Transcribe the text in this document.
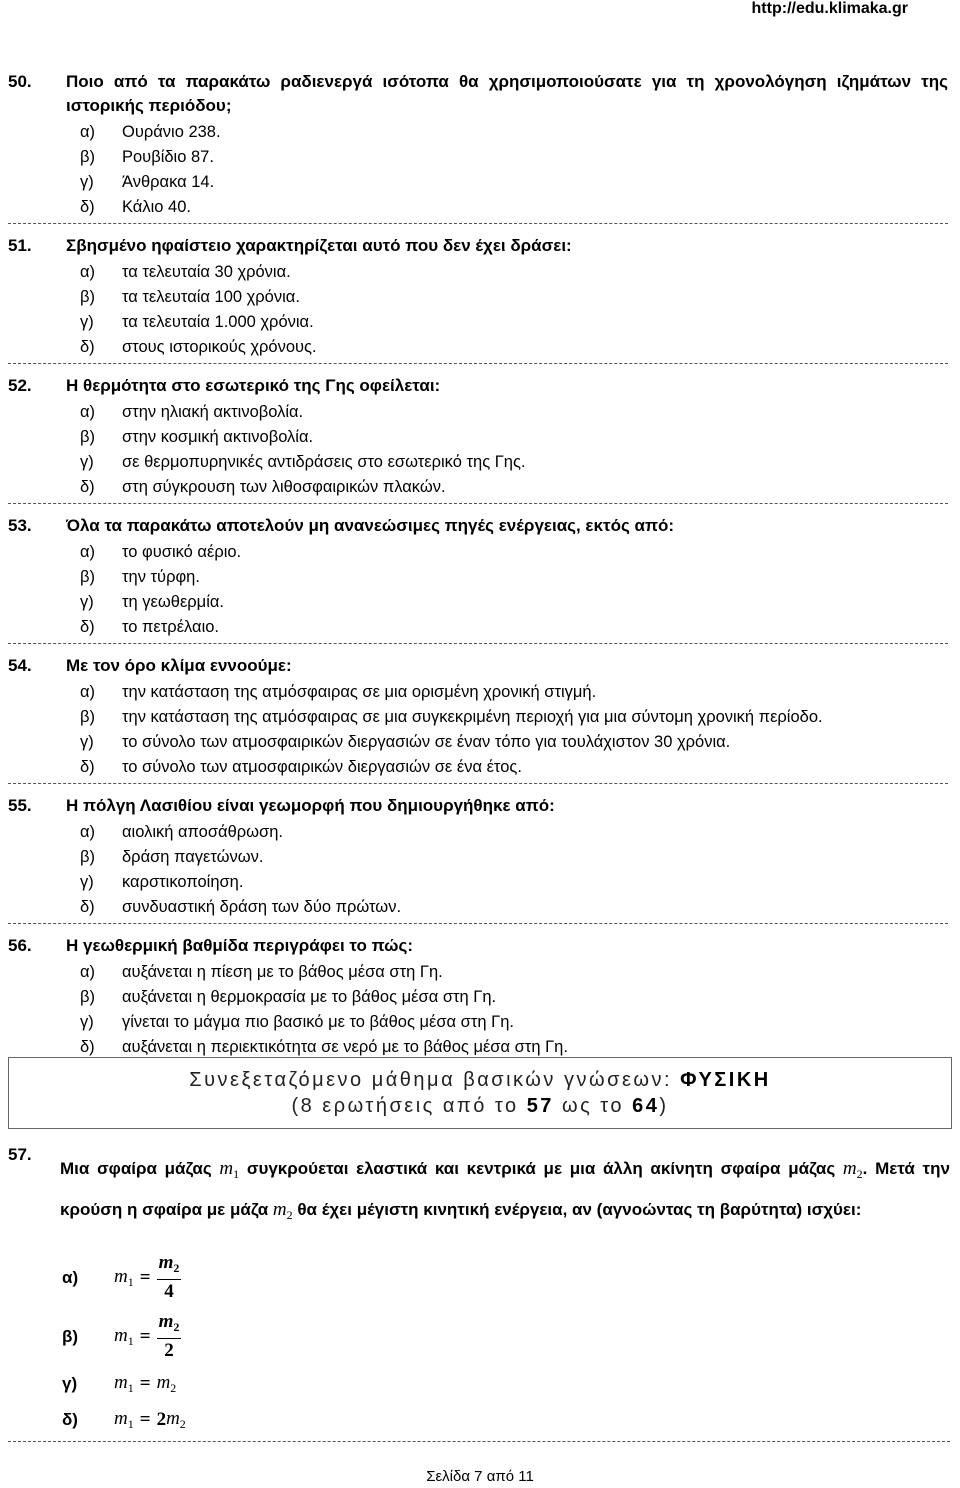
http://edu.klimaka.gr
50.	Ποιο από τα παρακάτω ραδιενεργά ισότοπα θα χρησιμοποιούσατε για τη χρονολόγηση ιζημάτων της ιστορικής περιόδου;
α)	Ουράνιο 238.
β)	Ρουβίδιο 87.
γ)	Άνθρακα 14.
δ)	Κάλιο 40.
51.	Σβησμένο ηφαίστειο χαρακτηρίζεται αυτό που δεν έχει δράσει:
α)	τα τελευταία 30 χρόνια.
β)	τα τελευταία 100 χρόνια.
γ)	τα τελευταία 1.000 χρόνια.
δ)	στους ιστορικούς χρόνους.
52.	Η θερμότητα στο εσωτερικό της Γης οφείλεται:
α)	στην ηλιακή ακτινοβολία.
β)	στην κοσμική ακτινοβολία.
γ)	σε θερμοπυρηνικές αντιδράσεις στο εσωτερικό της Γης.
δ)	στη σύγκρουση των λιθοσφαιρικών πλακών.
53.	Όλα τα παρακάτω αποτελούν μη ανανεώσιμες πηγές ενέργειας, εκτός από:
α)	το φυσικό αέριο.
β)	την τύρφη.
γ)	τη γεωθερμία.
δ)	το πετρέλαιο.
54.	Με τον όρο κλίμα εννοούμε:
α)	την κατάσταση της ατμόσφαιρας σε μια ορισμένη χρονική στιγμή.
β)	την κατάσταση της ατμόσφαιρας σε μια συγκεκριμένη περιοχή για μια σύντομη χρονική περίοδο.
γ)	το σύνολο των ατμοσφαιρικών διεργασιών σε έναν τόπο για τουλάχιστον 30 χρόνια.
δ)	το σύνολο των ατμοσφαιρικών διεργασιών σε ένα έτος.
55.	Η πόλγη Λασιθίου είναι γεωμορφή που δημιουργήθηκε από:
α)	αιολική αποσάθρωση.
β)	δράση παγετώνων.
γ)	καρστικοποίηση.
δ)	συνδυαστική δράση των δύο πρώτων.
56.	Η γεωθερμική βαθμίδα περιγράφει το πώς:
α)	αυξάνεται η πίεση με το βάθος μέσα στη Γη.
β)	αυξάνεται η θερμοκρασία με το βάθος μέσα στη Γη.
γ)	γίνεται το μάγμα πιο βασικό με το βάθος μέσα στη Γη.
δ)	αυξάνεται η περιεκτικότητα σε νερό με το βάθος μέσα στη Γη.
Συνεξεταζόμενο μάθημα βασικών γνώσεων: ΦΥΣΙΚΗ
(8 ερωτήσεις από το 57 ως το 64)
57.
Μια σφαίρα μάζας $m_1$ συγκρούεται ελαστικά και κεντρικά με μια άλλη ακίνητη σφαίρα μάζας $m_2$. Μετά την κρούση η σφαίρα με μάζα $m_2$ θα έχει μέγιστη κινητική ενέργεια, αν (αγνοώντας τη βαρύτητα) ισχύει:
α)	$m_1 = \frac{m_2}{4}$
β)	$m_1 = \frac{m_2}{2}$
γ)	$m_1 = m_2$
δ)	$m_1 = 2$ $m_2$
Σελίδα 7 από 11
